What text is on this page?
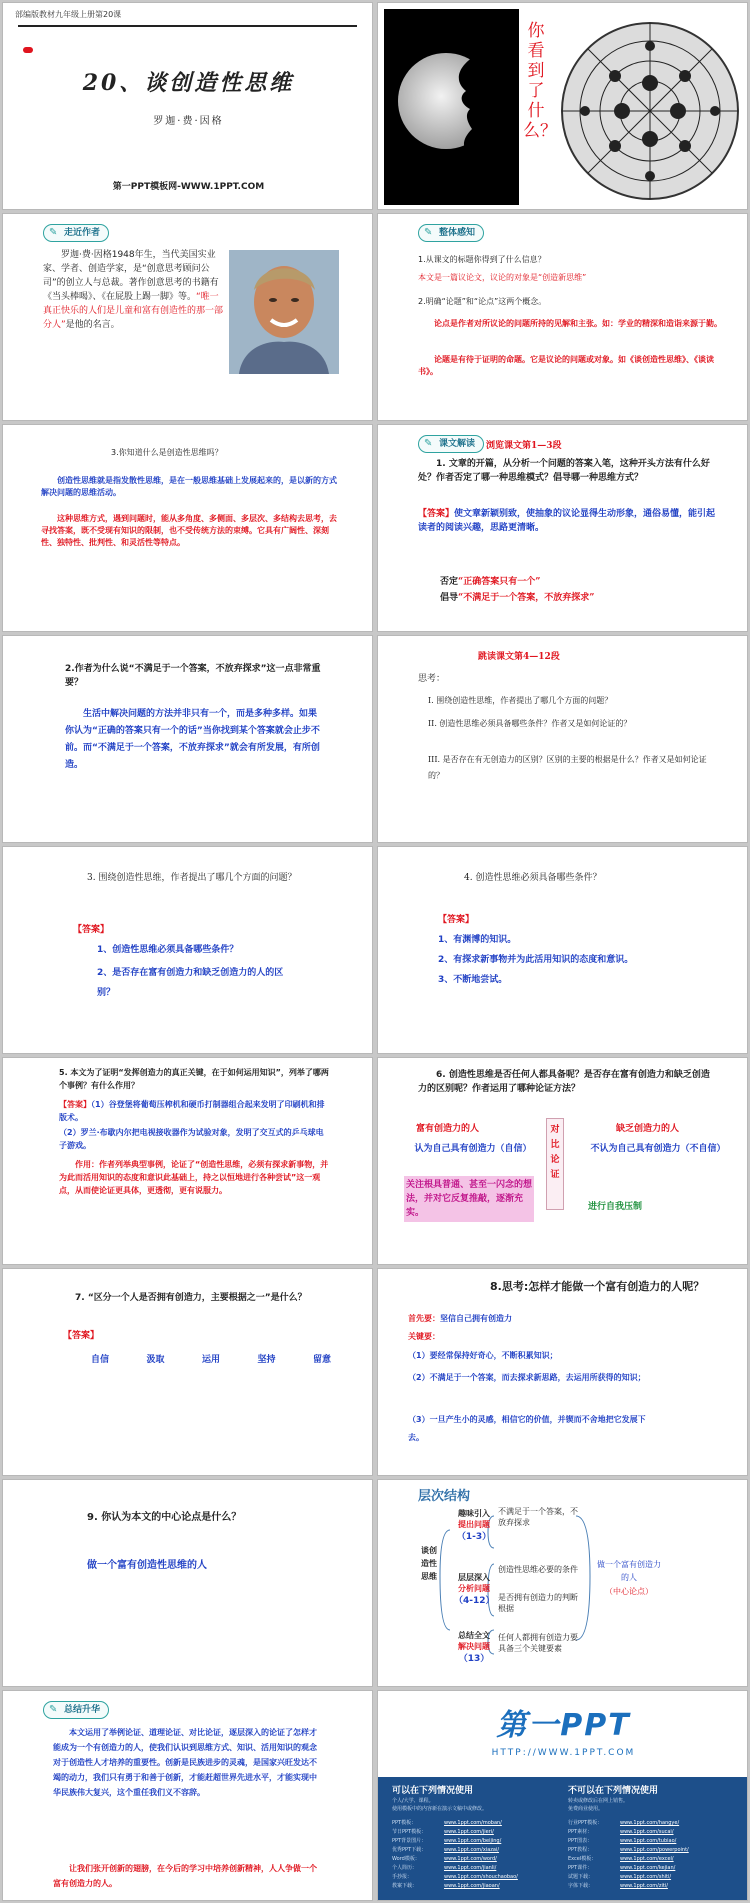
部编版教材九年级上册第20课
20、谈创造性思维
罗迦·费·因格
第一PPT模板网-WWW.1PPT.COM
你看到了什么？
✎ 走近作者
罗迦·费·因格1948年生，当代美国实业家、学者、创造学家，是“创意思考顾问公司”的创立人与总裁。著作创意思考的书籍有《当头棒喝》、《在屁股上踢一脚》等。“唯一真正快乐的人们是儿童和富有创造性的那一部分人”是他的名言。
✎ 整体感知
1.从课文的标题你得到了什么信息？
本文是一篇议论文，议论的对象是“创造新思维”
2.明确“论题”和“论点”这两个概念。
论点是作者对所议论的问题所持的见解和主张。如：学业的精深和造诣来源于勤。
论题是有待于证明的命题。它是议论的问题或对象。如《谈创造性思维》、《谈读书》。
3.你知道什么是创造性思维吗？
创造性思维就是指发散性思维，是在一般思维基础上发展起来的，是以新的方式解决问题的思维活动。
这种思维方式，遇到问题时，能从多角度、多侧面、多层次、多结构去思考，去寻找答案，既不受现有知识的限制，也不受传统方法的束缚。它具有广阔性、深刻性、独特性、批判性、和灵活性等特点。
✎ 课文解读	浏览课文第1—3段
1. 文章的开篇，从分析一个问题的答案入笔，这种开头方法有什么好处？作者否定了哪一种思维模式？倡导哪一种思维方式？
【答案】使文章新颖别致，使抽象的议论显得生动形象，通俗易懂，能引起读者的阅读兴趣，思路更清晰。
否定“正确答案只有一个”
倡导“不满足于一个答案，不放弃探求”
2.作者为什么说“不满足于一个答案，不放弃探求”这一点非常重要？
生活中解决问题的方法并非只有一个，而是多种多样。如果你认为“正确的答案只有一个的话”当你找到某个答案就会止步不前。而“不满足于一个答案，不放弃探求”就会有所发展，有所创造。
跳读课文第4—12段
思考：
I. 围绕创造性思维，作者提出了哪几个方面的问题？
II. 创造性思维必须具备哪些条件？作者又是如何论证的？
III. 是否存在有无创造力的区别？区别的主要的根据是什么？作者又是如何论证的？
3. 围绕创造性思维，作者提出了哪几个方面的问题？
【答案】
1、创造性思维必须具备哪些条件？
2、是否存在富有创造力和缺乏创造力的人的区别？
4. 创造性思维必须具备哪些条件？
【答案】
1、有渊博的知识。
2、有探求新事物并为此活用知识的态度和意识。
3、不断地尝试。
5. 本文为了证明“发挥创造力的真正关键，在于如何运用知识”，列举了哪两个事例？有什么作用？
【答案】（1）谷登堡将葡萄压榨机和硬币打制器组合起来发明了印刷机和排版术。
（2）罗兰·布歇内尔把电视接收器作为试验对象，发明了交互式的乒乓球电子游戏。
作用：作者列举典型事例，论证了“创造性思维，必须有探求新事物，并为此而活用知识的态度和意识此基础上，持之以恒地进行各种尝试”这一观点，从而使论证更具体，更透彻，更有说服力。
6. 创造性思维是否任何人都具备呢？是否存在富有创造力和缺乏创造力的区别呢？作者运用了哪种论证方法？
富有创造力的人
认为自己具有创造力（自信）
关注根具普通、甚至一闪念的想法，并对它反复推敲，逐渐充实。
对比论证
缺乏创造力的人
不认为自己具有创造力（不自信）
进行自我压制
7. “区分一个人是否拥有创造力，主要根据之一”是什么？
【答案】
自信	汲取	运用	坚持	留意
8.思考:怎样才能做一个富有创造力的人呢？
首先要：坚信自己拥有创造力
关键要：
（1）要经常保持好奇心，不断积累知识；
（2）不满足于一个答案，而去探求新思路，去运用所获得的知识；
（3）一旦产生小的灵感，相信它的价值，并锲而不舍地把它发展下去。
9. 你认为本文的中心论点是什么？
做一个富有创造性思维的人
层次结构
谈创造性思维
趣味引入
提出问题
（1-3）
层层深入
分析问题
（4-12）
总结全文
解决问题
（13）
不满足于一个答案，不放弃探求
创造性思维必要的条件
是否拥有创造力的判断根据
任何人都拥有创造力要具备三个关键要素
做一个富有创造力的人
（中心论点）
✎ 总结升华
本文运用了举例论证、道理论证、对比论证，逐层深入的论证了怎样才能成为一个有创造力的人，使我们认识到思维方式、知识、活用知识的观念对于创造性人才培养的重要性。创新是民族进步的灵魂，是国家兴旺发达不竭的动力，我们只有勇于和善于创新，才能赶超世界先进水平，才能实现中华民族伟大复兴，这个重任我们义不容辞。
让我们张开创新的翅膀，在今后的学习中培养创新精神，人人争做一个富有创造力的人。
第一PPT
HTTP://WWW.1PPT.COM
可以在下列情况使用
个人/大学、课程。
使用模板中的内容新在演示文稿中或修改。
不可以在下列情况使用
转卖或修改后在网上销售。
免费商业使用。
PPT模板：	www.1ppt.com/moban/
节日PPT模板：	www.1ppt.com/jieri/
PPT背景图片：	www.1ppt.com/beijing/
优秀PPT下载：	www.1ppt.com/xiazai/
Word模板：	www.1ppt.com/word/
个人简历：	www.1ppt.com/jianli/
手抄报：	www.1ppt.com/shouchaobao/
教案下载：	www.1ppt.com/jiaoan/
行业PPT模板：	www.1ppt.com/hangye/
PPT素材：	www.1ppt.com/sucai/
PPT图表：	www.1ppt.com/tubiao/
PPT教程：	www.1ppt.com/powerpoint/
Excel模板：	www.1ppt.com/excel/
PPT课件：	www.1ppt.com/kejian/
试题下载：	www.1ppt.com/shiti/
字体下载：	www.1ppt.com/ziti/
